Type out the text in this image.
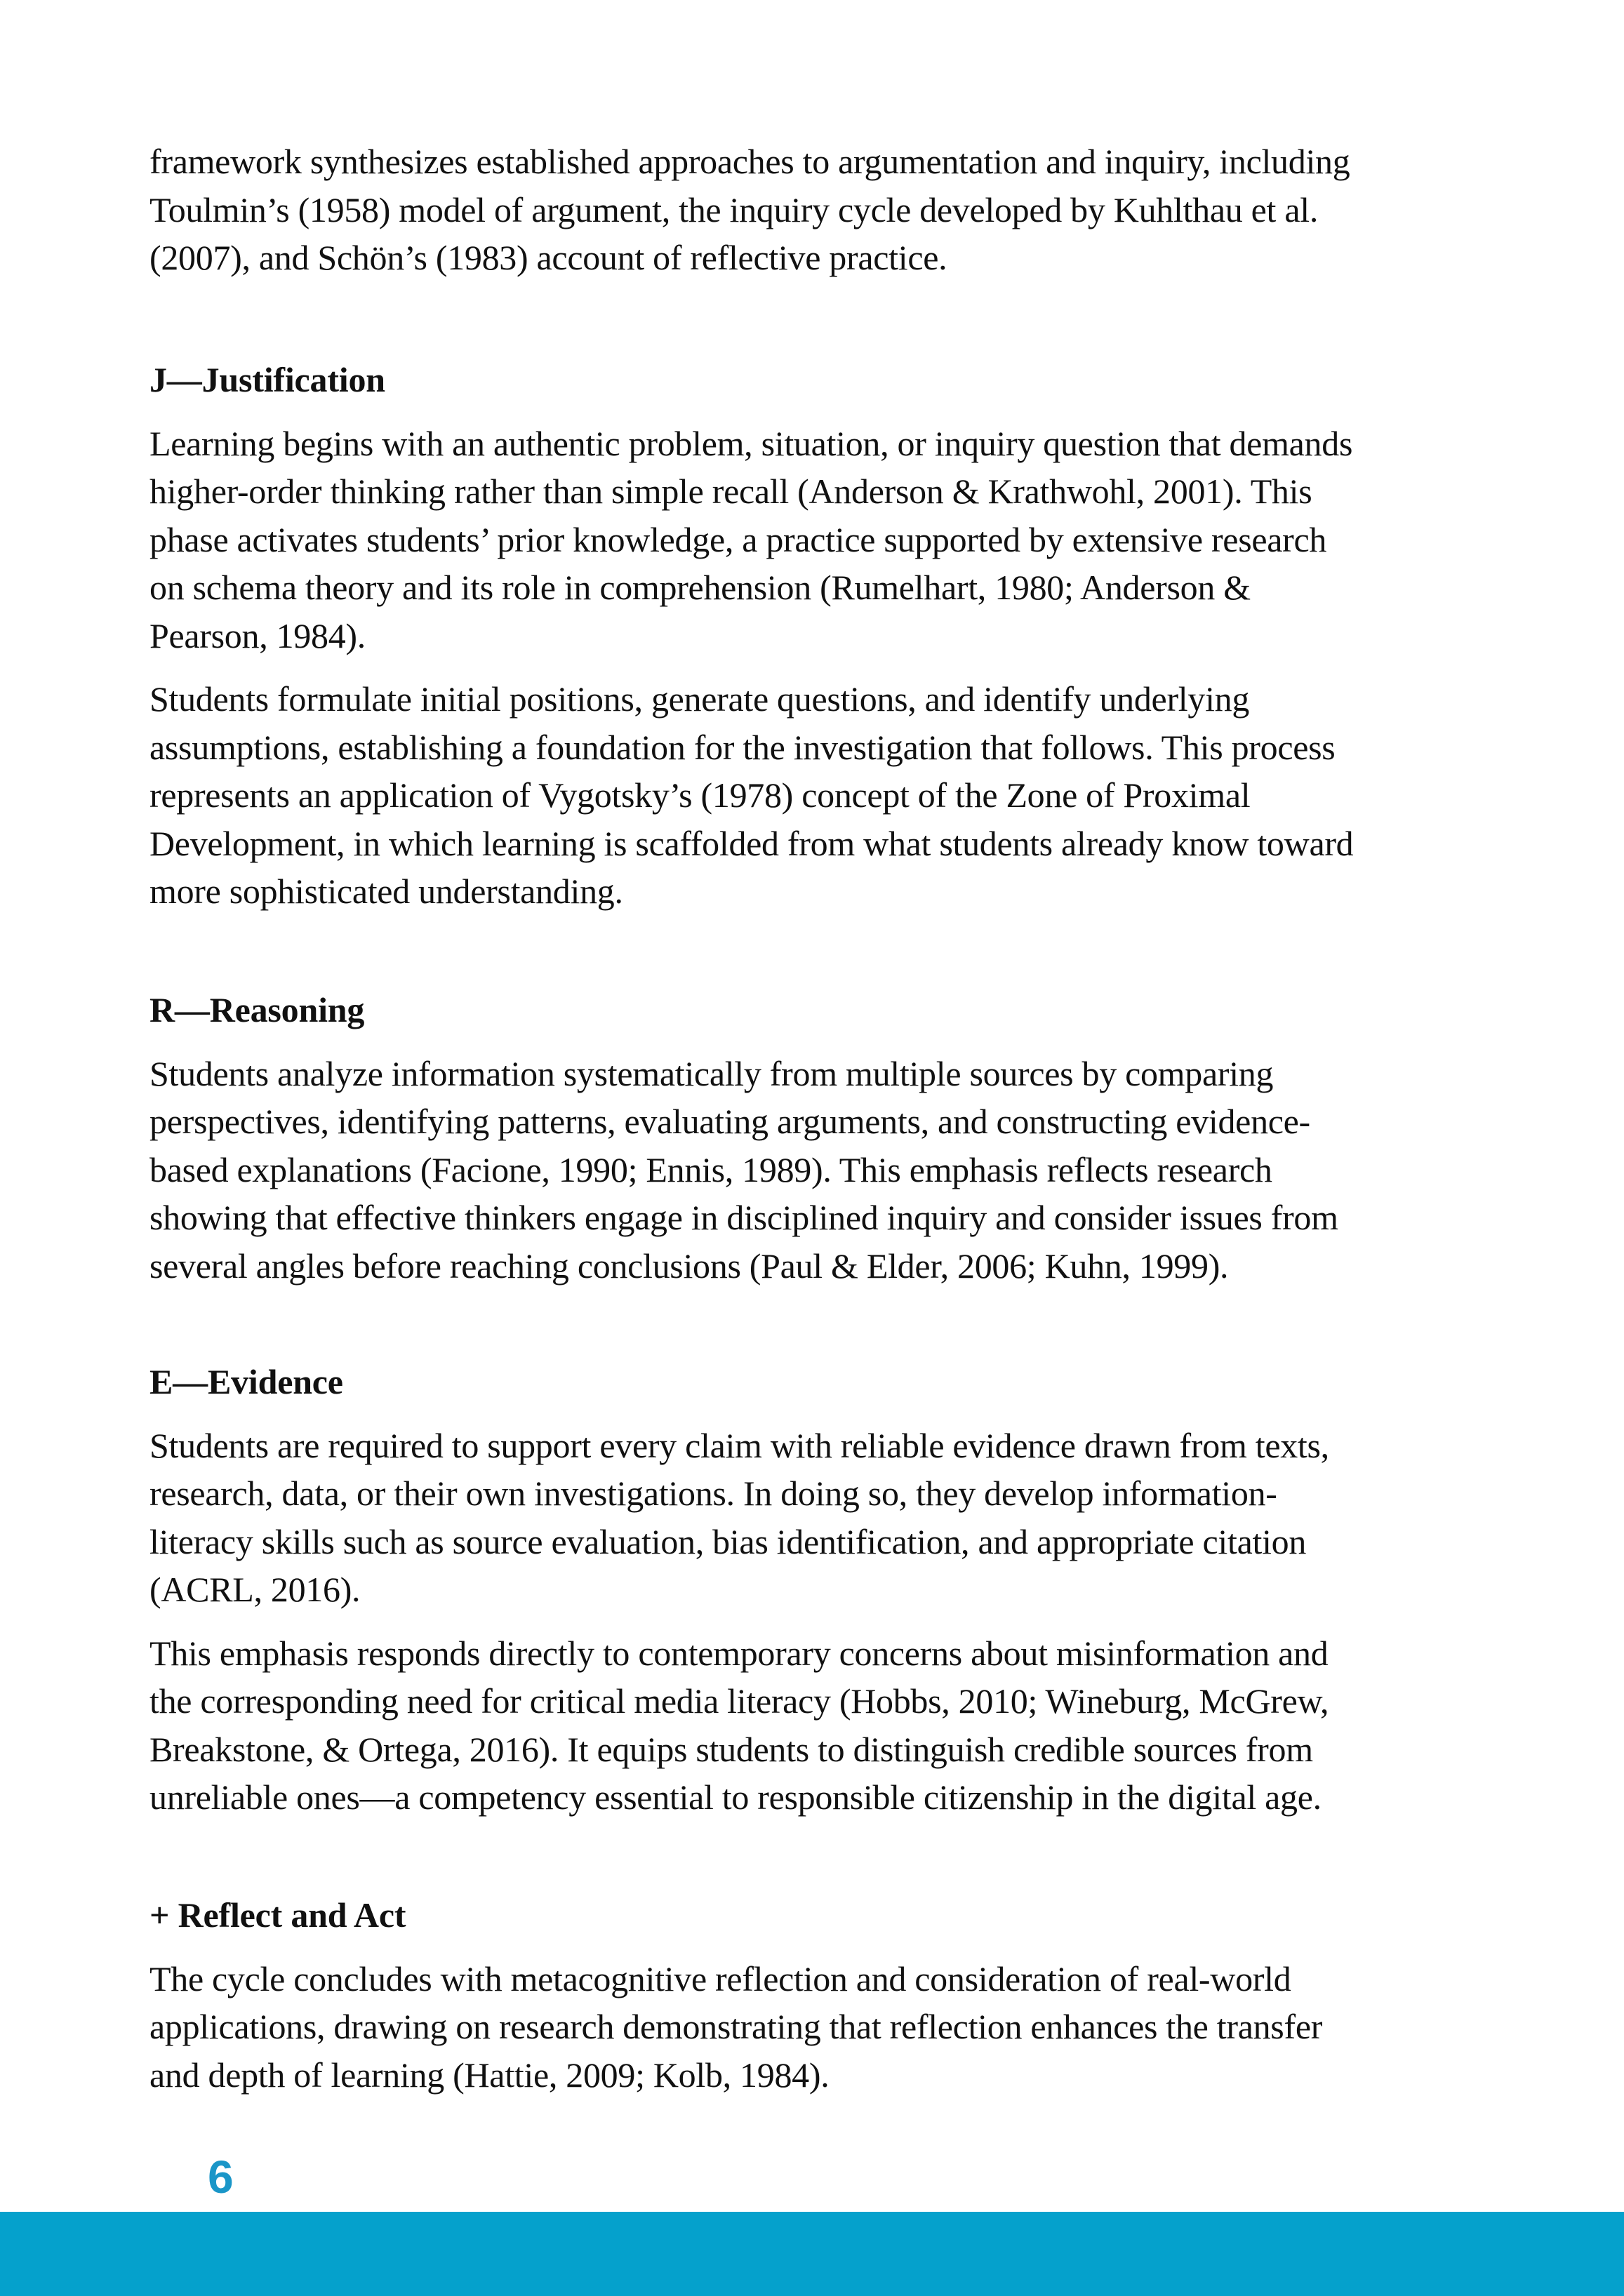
framework synthesizes established approaches to argumentation and inquiry, including
Toulmin’s (1958) model of argument, the inquiry cycle developed by Kuhlthau et al.
(2007), and Schön’s (1983) account of reflective practice.

J—Justification

Learning begins with an authentic problem, situation, or inquiry question that demands
higher-order thinking rather than simple recall (Anderson & Krathwohl, 2001). This
phase activates students’ prior knowledge, a practice supported by extensive research
on schema theory and its role in comprehension (Rumelhart, 1980; Anderson &
Pearson, 1984).

Students formulate initial positions, generate questions, and identify underlying
assumptions, establishing a foundation for the investigation that follows. This process
represents an application of Vygotsky’s (1978) concept of the Zone of Proximal
Development, in which learning is scaffolded from what students already know toward
more sophisticated understanding.

R—Reasoning

Students analyze information systematically from multiple sources by comparing
perspectives, identifying patterns, evaluating arguments, and constructing evidence-
based explanations (Facione, 1990; Ennis, 1989). This emphasis reflects research
showing that effective thinkers engage in disciplined inquiry and consider issues from
several angles before reaching conclusions (Paul & Elder, 2006; Kuhn, 1999).

E—Evidence

Students are required to support every claim with reliable evidence drawn from texts,
research, data, or their own investigations. In doing so, they develop information-
literacy skills such as source evaluation, bias identification, and appropriate citation
(ACRL, 2016).

This emphasis responds directly to contemporary concerns about misinformation and
the corresponding need for critical media literacy (Hobbs, 2010; Wineburg, McGrew,
Breakstone, & Ortega, 2016). It equips students to distinguish credible sources from
unreliable ones—a competency essential to responsible citizenship in the digital age.

+ Reflect and Act

The cycle concludes with metacognitive reflection and consideration of real-world
applications, drawing on research demonstrating that reflection enhances the transfer
and depth of learning (Hattie, 2009; Kolb, 1984).

6
